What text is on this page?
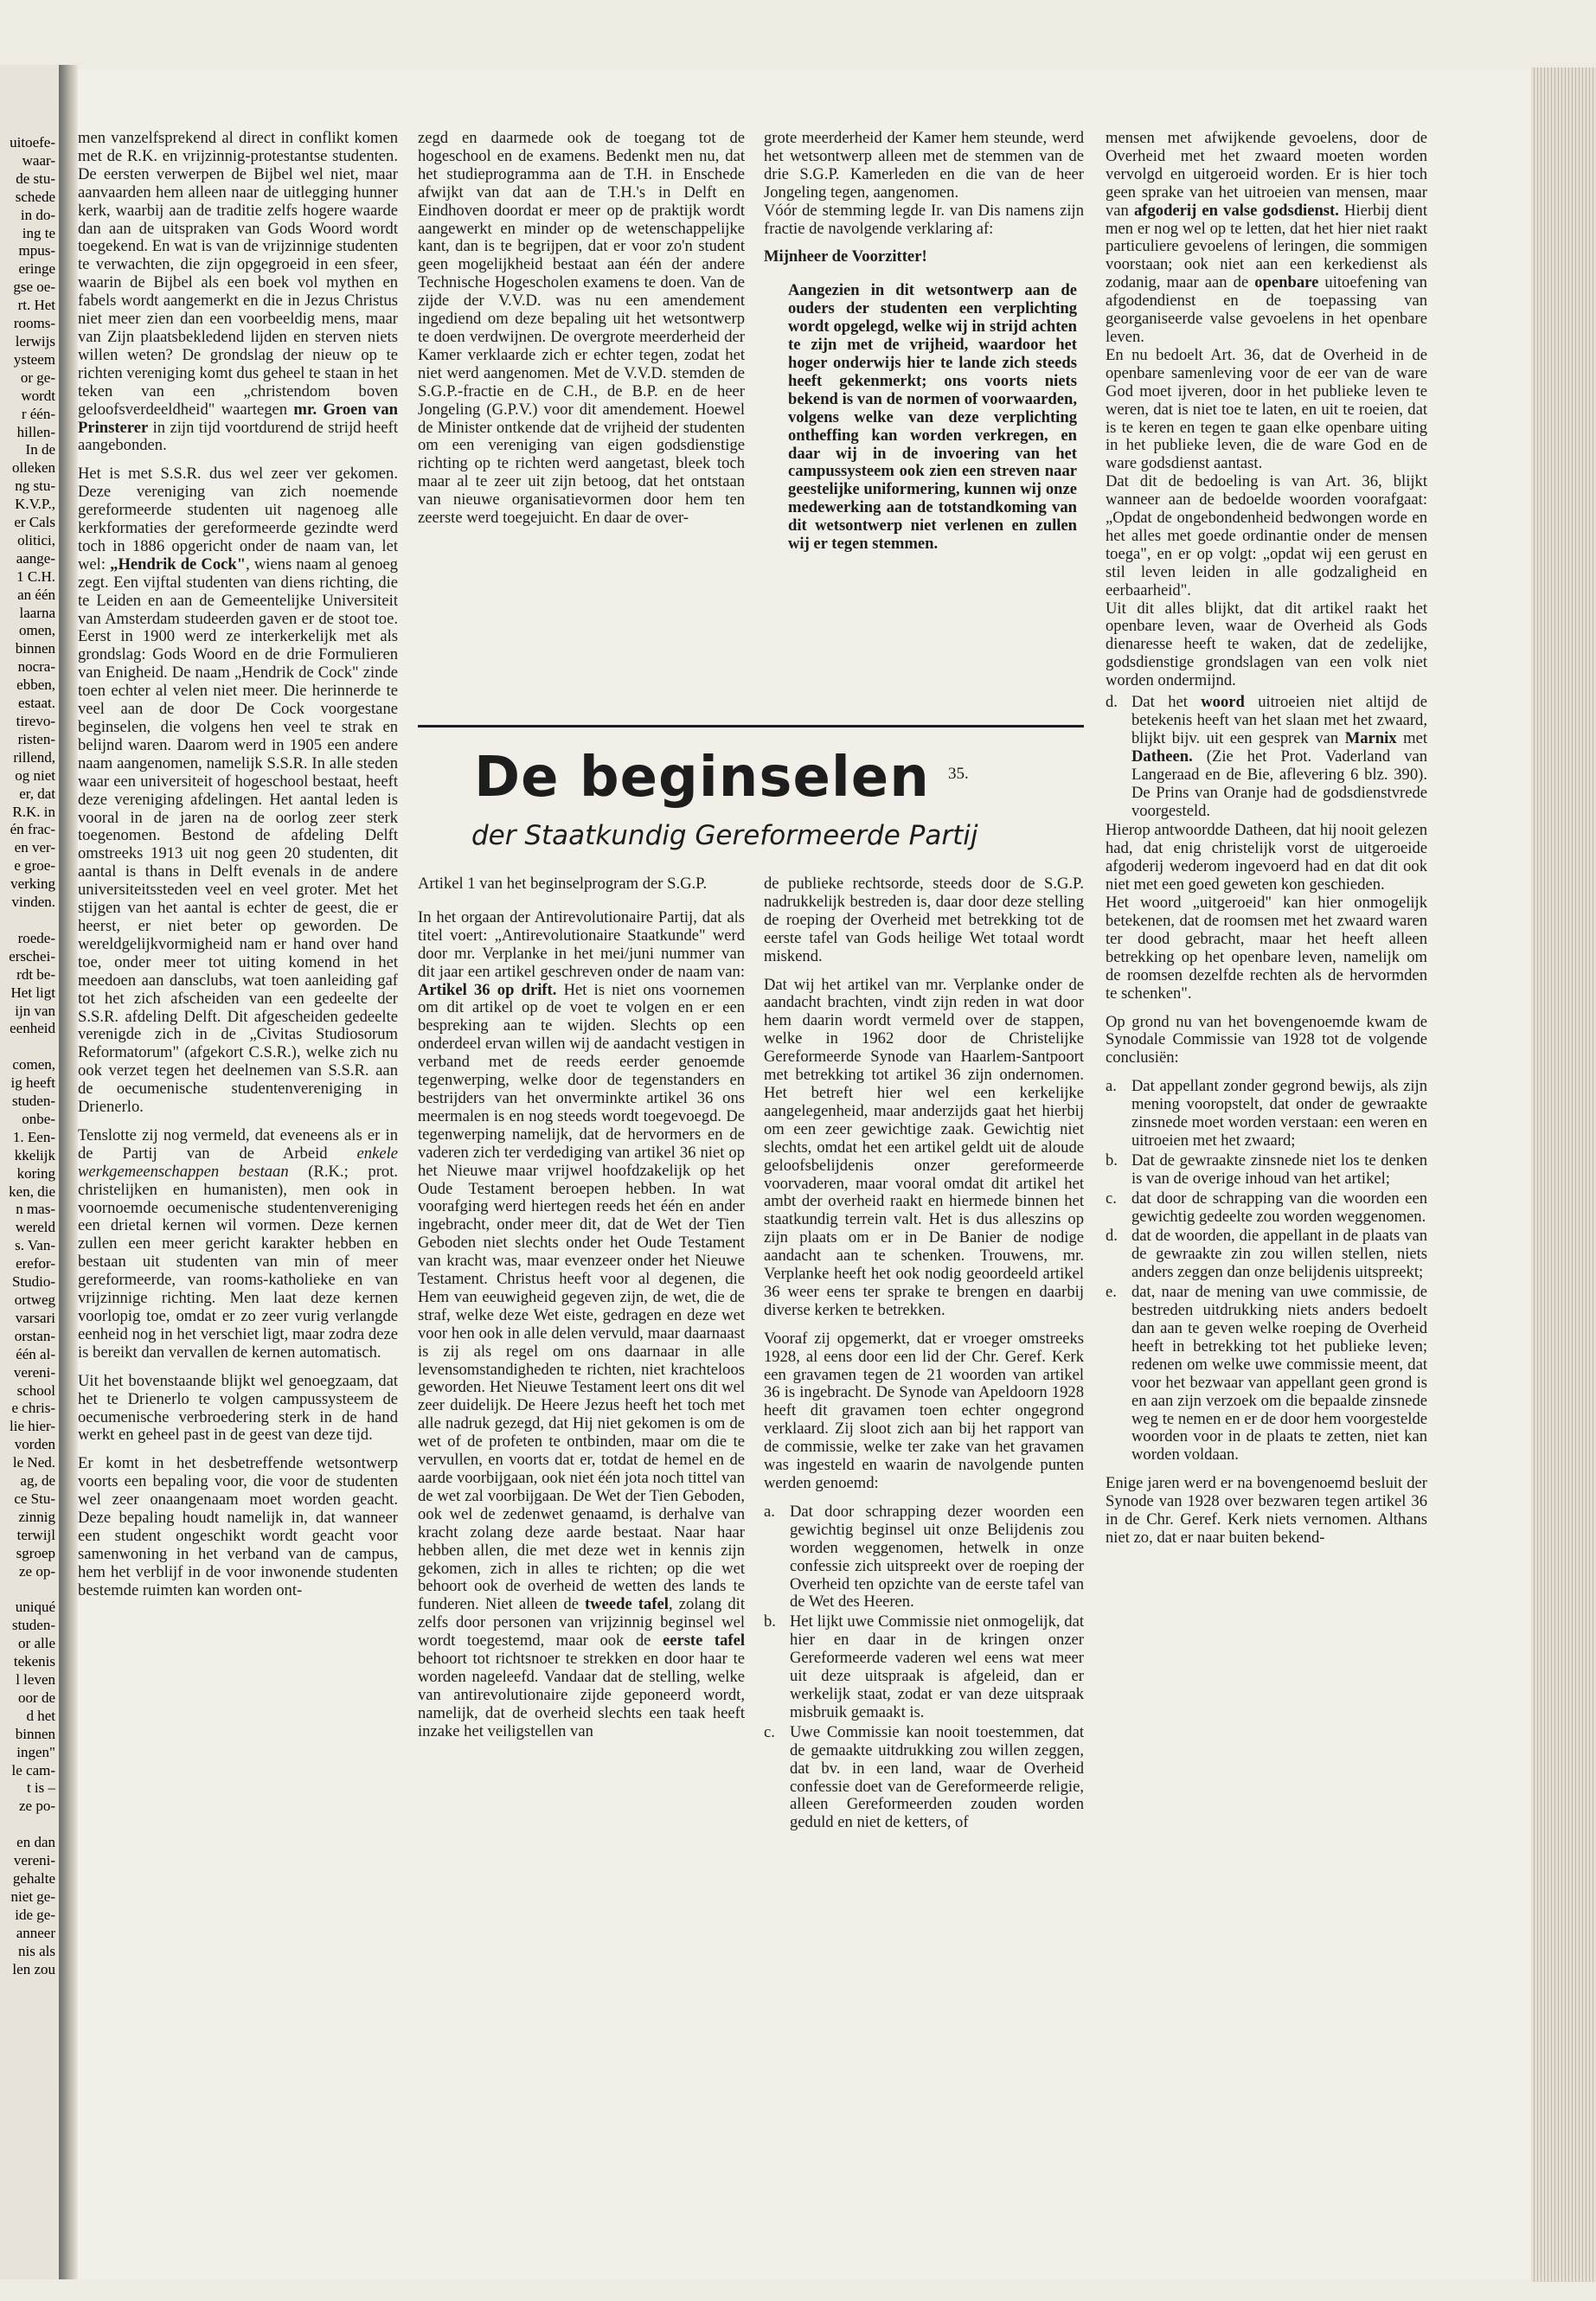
uitoefe-

waar-

de stu-

schede

in do-

ing te

mpus-

eringe

gse oe-

rt. Het

rooms-

lerwijs

ysteem

or ge-

wordt

r één-

hillen-

In de

olleken

ng stu-

K.V.P.,

er Cals

olitici,

aange-

1 C.H.

an één

laarna

omen,

binnen

nocra-

ebben,

estaat.

tirevo-

risten-

rillend,

og niet

er, dat

R.K. in

én frac-

en ver-

e groe-

verking

vinden.

roede-

erschei-

rdt be-

Het ligt

ijn van

eenheid

comen,

ig heeft

studen-

onbe-

1. Een-

kkelijk

koring

ken, die

n mas-

wereld

s. Van-

erefor-

Studio-

ortweg

varsari

orstan-

één al-

vereni-

school

e chris-

lie hier-

vorden

le Ned.

ag, de

ce Stu-

zinnig

terwijl

sgroep

ze op-

uniqué

studen-

or alle

tekenis

l leven

oor de

d het

binnen

ingen"

le cam-

t is –

ze po-

en dan

vereni-

gehalte

niet ge-

ide ge-

anneer

nis als

len zou

men vanzelfsprekend al direct in conflikt komen met de R.K. en vrijzinnig-protestantse studenten. De eersten verwerpen de Bijbel wel niet, maar aanvaarden hem alleen naar de uitlegging hunner kerk, waarbij aan de traditie zelfs hogere waarde dan aan de uitspraken van Gods Woord wordt toegekend. En wat is van de vrijzinnige studenten te verwachten, die zijn opgegroeid in een sfeer, waarin de Bijbel als een boek vol mythen en fabels wordt aangemerkt en die in Jezus Christus niet meer zien dan een voorbeeldig mens, maar van Zijn plaatsbekledend lijden en sterven niets willen weten? De grondslag der nieuw op te richten vereniging komt dus geheel te staan in het teken van een „christendom boven geloofsverdeeldheid" waartegen mr. Groen van Prinsterer in zijn tijd voortdurend de strijd heeft aangebonden.

Het is met S.S.R. dus wel zeer ver gekomen. Deze vereniging van zich noemende gereformeerde studenten uit nagenoeg alle kerkformaties der gereformeerde gezindte werd toch in 1886 opgericht onder de naam van, let wel: „Hendrik de Cock", wiens naam al genoeg zegt. Een vijftal studenten van diens richting, die te Leiden en aan de Gemeentelijke Universiteit van Amsterdam studeerden gaven er de stoot toe. Eerst in 1900 werd ze interkerkelijk met als grondslag: Gods Woord en de drie Formulieren van Enigheid. De naam „Hendrik de Cock" zinde toen echter al velen niet meer. Die herinnerde te veel aan de door De Cock voorgestane beginselen, die volgens hen veel te strak en belijnd waren. Daarom werd in 1905 een andere naam aangenomen, namelijk S.S.R. In alle steden waar een universiteit of hogeschool bestaat, heeft deze vereniging afdelingen. Het aantal leden is vooral in de jaren na de oorlog zeer sterk toegenomen. Bestond de afdeling Delft omstreeks 1913 uit nog geen 20 studenten, dit aantal is thans in Delft evenals in de andere universiteitssteden veel en veel groter. Met het stijgen van het aantal is echter de geest, die er heerst, er niet beter op geworden. De wereldgelijkvormigheid nam er hand over hand toe, onder meer tot uiting komend in het meedoen aan dansclubs, wat toen aanleiding gaf tot het zich afscheiden van een gedeelte der S.S.R. afdeling Delft. Dit afgescheiden gedeelte verenigde zich in de „Civitas Studiosorum Reformatorum" (afgekort C.S.R.), welke zich nu ook verzet tegen het deelnemen van S.S.R. aan de oecumenische studentenvereniging in Drienerlo.

Tenslotte zij nog vermeld, dat eveneens als er in de Partij van de Arbeid enkele werkgemeenschappen bestaan (R.K.; prot. christelijken en humanisten), men ook in voornoemde oecumenische studentenvereniging een drietal kernen wil vormen. Deze kernen zullen een meer gericht karakter hebben en bestaan uit studenten van min of meer gereformeerde, van rooms-katholieke en van vrijzinnige richting. Men laat deze kernen voorlopig toe, omdat er zo zeer vurig verlangde eenheid nog in het verschiet ligt, maar zodra deze is bereikt dan vervallen de kernen automatisch.

Uit het bovenstaande blijkt wel genoegzaam, dat het te Drienerlo te volgen campussysteem de oecumenische verbroedering sterk in de hand werkt en geheel past in de geest van deze tijd.

Er komt in het desbetreffende wetsontwerp voorts een bepaling voor, die voor de studenten wel zeer onaangenaam moet worden geacht. Deze bepaling houdt namelijk in, dat wanneer een student ongeschikt wordt geacht voor samenwoning in het verband van de campus, hem het verblijf in de voor inwonende studenten bestemde ruimten kan worden ont-

zegd en daarmede ook de toegang tot de hogeschool en de examens. Bedenkt men nu, dat het studieprogramma aan de T.H. in Enschede afwijkt van dat aan de T.H.'s in Delft en Eindhoven doordat er meer op de praktijk wordt aangewerkt en minder op de wetenschappelijke kant, dan is te begrijpen, dat er voor zo'n student geen mogelijkheid bestaat aan één der andere Technische Hogescholen examens te doen. Van de zijde der V.V.D. was nu een amendement ingediend om deze bepaling uit het wetsontwerp te doen verdwijnen. De overgrote meerderheid der Kamer verklaarde zich er echter tegen, zodat het niet werd aangenomen. Met de V.V.D. stemden de S.G.P.-fractie en de C.H., de B.P. en de heer Jongeling (G.P.V.) voor dit amendement. Hoewel de Minister ontkende dat de vrijheid der studenten om een vereniging van eigen godsdienstige richting op te richten werd aangetast, bleek toch maar al te zeer uit zijn betoog, dat het ontstaan van nieuwe organisatievormen door hem ten zeerste werd toegejuicht. En daar de over-

grote meerderheid der Kamer hem steunde, werd het wetsontwerp alleen met de stemmen van de drie S.G.P. Kamerleden en die van de heer Jongeling tegen, aangenomen.

Vóór de stemming legde Ir. van Dis namens zijn fractie de navolgende verklaring af:

Mijnheer de Voorzitter!

Aangezien in dit wetsontwerp aan de ouders der studenten een verplichting wordt opgelegd, welke wij in strijd achten te zijn met de vrijheid, waardoor het hoger onderwijs hier te lande zich steeds heeft gekenmerkt; ons voorts niets bekend is van de normen of voorwaarden, volgens welke van deze verplichting ontheffing kan worden verkregen, en daar wij in de invoering van het campussysteem ook zien een streven naar geestelijke uniformering, kunnen wij onze medewerking aan de totstandkoming van dit wetsontwerp niet verlenen en zullen wij er tegen stemmen.

De beginselen 35.
der Staatkundig Gereformeerde Partij

Artikel 1 van het beginselprogram der S.G.P.

In het orgaan der Antirevolutionaire Partij, dat als titel voert: „Antirevolutionaire Staatkunde" werd door mr. Verplanke in het mei/juni nummer van dit jaar een artikel geschreven onder de naam van: Artikel 36 op drift. Het is niet ons voornemen om dit artikel op de voet te volgen en er een bespreking aan te wijden. Slechts op een onderdeel ervan willen wij de aandacht vestigen in verband met de reeds eerder genoemde tegenwerping, welke door de tegenstanders en bestrijders van het onverminkte artikel 36 ons meermalen is en nog steeds wordt toegevoegd. De tegenwerping namelijk, dat de hervormers en de vaderen zich ter verdediging van artikel 36 niet op het Nieuwe maar vrijwel hoofdzakelijk op het Oude Testament beroepen hebben. In wat voorafging werd hiertegen reeds het één en ander ingebracht, onder meer dit, dat de Wet der Tien Geboden niet slechts onder het Oude Testament van kracht was, maar evenzeer onder het Nieuwe Testament. Christus heeft voor al degenen, die Hem van eeuwigheid gegeven zijn, de wet, die de straf, welke deze Wet eiste, gedragen en deze wet voor hen ook in alle delen vervuld, maar daarnaast is zij als regel om ons daarnaar in alle levensomstandigheden te richten, niet krachteloos geworden. Het Nieuwe Testament leert ons dit wel zeer duidelijk. De Heere Jezus heeft het toch met alle nadruk gezegd, dat Hij niet gekomen is om de wet of de profeten te ontbinden, maar om die te vervullen, en voorts dat er, totdat de hemel en de aarde voorbijgaan, ook niet één jota noch tittel van de wet zal voorbijgaan. De Wet der Tien Geboden, ook wel de zedenwet genaamd, is derhalve van kracht zolang deze aarde bestaat. Naar haar hebben allen, die met deze wet in kennis zijn gekomen, zich in alles te richten; op die wet behoort ook de overheid de wetten des lands te funderen. Niet alleen de tweede tafel, zolang dit zelfs door personen van vrijzinnig beginsel wel wordt toegestemd, maar ook de eerste tafel behoort tot richtsnoer te strekken en door haar te worden nageleefd. Vandaar dat de stelling, welke van antirevolutionaire zijde geponeerd wordt, namelijk, dat de overheid slechts een taak heeft inzake het veiligstellen van

de publieke rechtsorde, steeds door de S.G.P. nadrukkelijk bestreden is, daar door deze stelling de roeping der Overheid met betrekking tot de eerste tafel van Gods heilige Wet totaal wordt miskend.

Dat wij het artikel van mr. Verplanke onder de aandacht brachten, vindt zijn reden in wat door hem daarin wordt vermeld over de stappen, welke in 1962 door de Christelijke Gereformeerde Synode van Haarlem-Santpoort met betrekking tot artikel 36 zijn ondernomen. Het betreft hier wel een kerkelijke aangelegenheid, maar anderzijds gaat het hierbij om een zeer gewichtige zaak. Gewichtig niet slechts, omdat het een artikel geldt uit de aloude geloofsbelijdenis onzer gereformeerde voorvaderen, maar vooral omdat dit artikel het ambt der overheid raakt en hiermede binnen het staatkundig terrein valt. Het is dus alleszins op zijn plaats om er in De Banier de nodige aandacht aan te schenken. Trouwens, mr. Verplanke heeft het ook nodig geoordeeld artikel 36 weer eens ter sprake te brengen en daarbij diverse kerken te betrekken.

Vooraf zij opgemerkt, dat er vroeger omstreeks 1928, al eens door een lid der Chr. Geref. Kerk een gravamen tegen de 21 woorden van artikel 36 is ingebracht. De Synode van Apeldoorn 1928 heeft dit gravamen toen echter ongegrond verklaard. Zij sloot zich aan bij het rapport van de commissie, welke ter zake van het gravamen was ingesteld en waarin de navolgende punten werden genoemd:

a. Dat door schrapping dezer woorden een gewichtig beginsel uit onze Belijdenis zou worden weggenomen, hetwelk in onze confessie zich uitspreekt over de roeping der Overheid ten opzichte van de eerste tafel van de Wet des Heeren.
b. Het lijkt uwe Commissie niet onmogelijk, dat hier en daar in de kringen onzer Gereformeerde vaderen wel eens wat meer uit deze uitspraak is afgeleid, dan er werkelijk staat, zodat er van deze uitspraak misbruik gemaakt is.
c. Uwe Commissie kan nooit toestemmen, dat de gemaakte uitdrukking zou willen zeggen, dat bv. in een land, waar de Overheid confessie doet van de Gereformeerde religie, alleen Gereformeerden zouden worden geduld en niet de ketters, of

mensen met afwijkende gevoelens, door de Overheid met het zwaard moeten worden vervolgd en uitgeroeid worden. Er is hier toch geen sprake van het uitroeien van mensen, maar van afgoderij en valse godsdienst. Hierbij dient men er nog wel op te letten, dat het hier niet raakt particuliere gevoelens of leringen, die sommigen voorstaan; ook niet aan een kerkedienst als zodanig, maar aan de openbare uitoefening van afgodendienst en de toepassing van georganiseerde valse gevoelens in het openbare leven.

En nu bedoelt Art. 36, dat de Overheid in de openbare samenleving voor de eer van de ware God moet ijveren, door in het publieke leven te weren, dat is niet toe te laten, en uit te roeien, dat is te keren en tegen te gaan elke openbare uiting in het publieke leven, die de ware God en de ware godsdienst aantast.

Dat dit de bedoeling is van Art. 36, blijkt wanneer aan de bedoelde woorden voorafgaat: „Opdat de ongebondenheid bedwongen worde en het alles met goede ordinantie onder de mensen toega", en er op volgt: „opdat wij een gerust en stil leven leiden in alle godzaligheid en eerbaarheid".

Uit dit alles blijkt, dat dit artikel raakt het openbare leven, waar de Overheid als Gods dienaresse heeft te waken, dat de zedelijke, godsdienstige grondslagen van een volk niet worden ondermijnd.

d. Dat het woord uitroeien niet altijd de betekenis heeft van het slaan met het zwaard, blijkt bijv. uit een gesprek van Marnix met Datheen. (Zie het Prot. Vaderland van Langeraad en de Bie, aflevering 6 blz. 390). De Prins van Oranje had de godsdienstvrede voorgesteld.

Hierop antwoordde Datheen, dat hij nooit gelezen had, dat enig christelijk vorst de uitgeroeide afgoderij wederom ingevoerd had en dat dit ook niet met een goed geweten kon geschieden.

Het woord „uitgeroeid" kan hier onmogelijk betekenen, dat de roomsen met het zwaard waren ter dood gebracht, maar het heeft alleen betrekking op het openbare leven, namelijk om de roomsen dezelfde rechten als de hervormden te schenken".

Op grond nu van het bovengenoemde kwam de Synodale Commissie van 1928 tot de volgende conclusiën:

a. Dat appellant zonder gegrond bewijs, als zijn mening vooropstelt, dat onder de gewraakte zinsnede moet worden verstaan: een weren en uitroeien met het zwaard;
b. Dat de gewraakte zinsnede niet los te denken is van de overige inhoud van het artikel;
c. dat door de schrapping van die woorden een gewichtig gedeelte zou worden weggenomen.
d. dat de woorden, die appellant in de plaats van de gewraakte zin zou willen stellen, niets anders zeggen dan onze belijdenis uitspreekt;
e. dat, naar de mening van uwe commissie, de bestreden uitdrukking niets anders bedoelt dan aan te geven welke roeping de Overheid heeft in betrekking tot het publieke leven; redenen om welke uwe commissie meent, dat voor het bezwaar van appellant geen grond is en aan zijn verzoek om die bepaalde zinsnede weg te nemen en er de door hem voorgestelde woorden voor in de plaats te zetten, niet kan worden voldaan.

Enige jaren werd er na bovengenoemd besluit der Synode van 1928 over bezwaren tegen artikel 36 in de Chr. Geref. Kerk niets vernomen. Althans niet zo, dat er naar buiten bekend-
